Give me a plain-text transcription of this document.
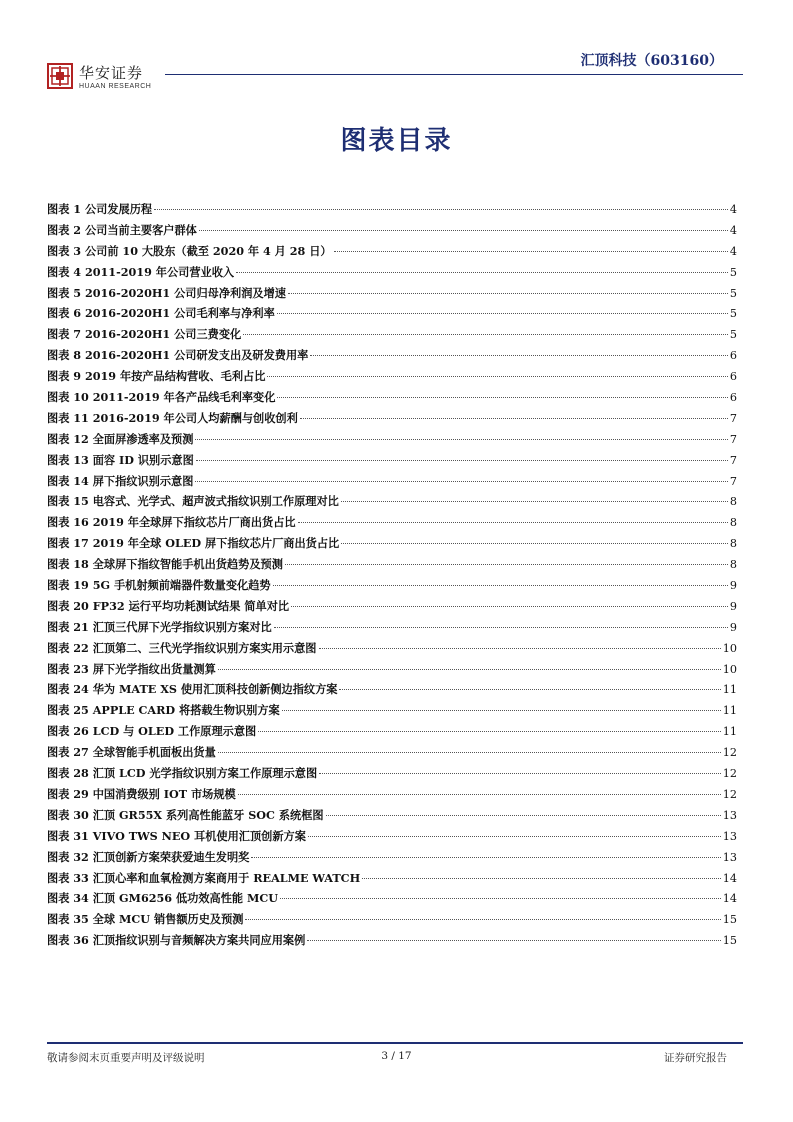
华安证券
HUAAN RESEARCH
汇顶科技（603160）
图表目录
图表 1 公司发展历程	4
图表 2 公司当前主要客户群体	4
图表 3 公司前 10 大股东（截至 2020 年 4 月 28 日）	4
图表 4 2011-2019 年公司营业收入	5
图表 5 2016-2020H1 公司归母净利润及增速	5
图表 6 2016-2020H1 公司毛利率与净利率	5
图表 7 2016-2020H1 公司三费变化	5
图表 8 2016-2020H1 公司研发支出及研发费用率	6
图表 9 2019 年按产品结构营收、毛利占比	6
图表 10 2011-2019 年各产品线毛利率变化	6
图表 11 2016-2019 年公司人均薪酬与创收创利	7
图表 12 全面屏渗透率及预测	7
图表 13 面容 ID 识别示意图	7
图表 14 屏下指纹识别示意图	7
图表 15 电容式、光学式、超声波式指纹识别工作原理对比	8
图表 16 2019 年全球屏下指纹芯片厂商出货占比	8
图表 17 2019 年全球 OLED 屏下指纹芯片厂商出货占比	8
图表 18 全球屏下指纹智能手机出货趋势及预测	8
图表 19 5G 手机射频前端器件数量变化趋势	9
图表 20 FP32 运行平均功耗测试结果 简单对比	9
图表 21 汇顶三代屏下光学指纹识别方案对比	9
图表 22 汇顶第二、三代光学指纹识别方案实用示意图	10
图表 23 屏下光学指纹出货量测算	10
图表 24 华为 MATE XS 使用汇顶科技创新侧边指纹方案	11
图表 25 APPLE CARD 将搭载生物识别方案	11
图表 26 LCD 与 OLED 工作原理示意图	11
图表 27 全球智能手机面板出货量	12
图表 28 汇顶 LCD 光学指纹识别方案工作原理示意图	12
图表 29 中国消费级别 IOT 市场规模	12
图表 30 汇顶 GR55X 系列高性能蓝牙 SOC 系统框图	13
图表 31 VIVO TWS NEO 耳机使用汇顶创新方案	13
图表 32 汇顶创新方案荣获爱迪生发明奖	13
图表 33 汇顶心率和血氧检测方案商用于 REALME WATCH	14
图表 34 汇顶 GM6256 低功效高性能 MCU	14
图表 35 全球 MCU 销售额历史及预测	15
图表 36 汇顶指纹识别与音频解决方案共同应用案例	15
敬请参阅末页重要声明及评级说明	3 / 17	证券研究报告
